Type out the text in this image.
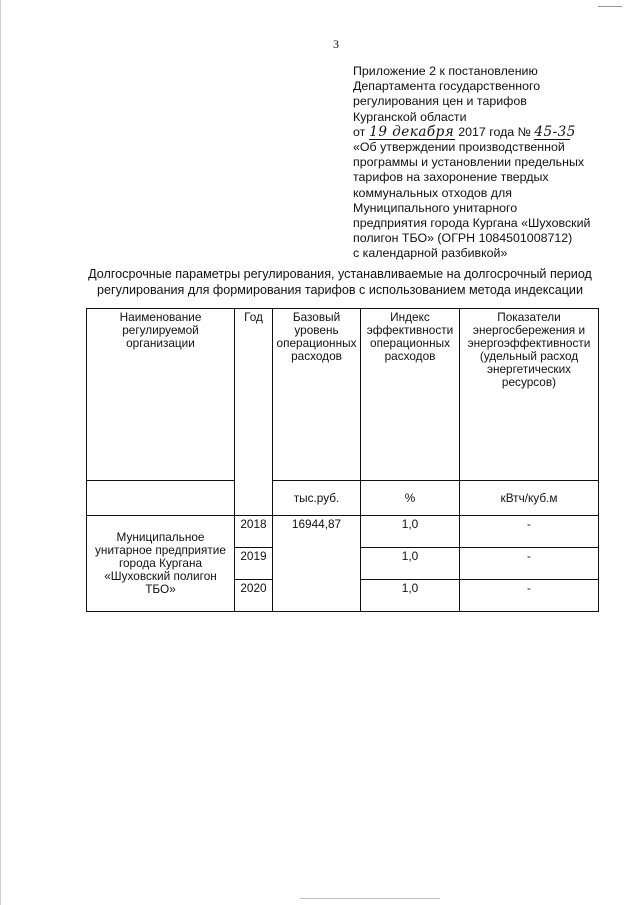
3
Приложение 2 к постановлению
Департамента государственного
регулирования цен и тарифов
Курганской области
от 19 декабря 2017 года № 45-35
«Об утверждении производственной
программы и установлении предельных
тарифов на захоронение твердых
коммунальных отходов для
Муниципального унитарного
предприятия города Кургана «Шуховский
полигон ТБО» (ОГРН 1084501008712)
с календарной разбивкой»
Долгосрочные параметры регулирования, устанавливаемые на долгосрочный период
регулирования для формирования тарифов с использованием метода индексации
Наименование регулируемой организации	Год	Базовый уровень операционных расходов	Индекс эффективности операционных расходов	Показатели энергосбережения и энергоэффективности (удельный расход энергетических ресурсов)
		тыс.руб.	%	кВтч/куб.м
Муниципальное унитарное предприятие города Кургана «Шуховский полигон ТБО»	2018	16944,87	1,0	-
	2019		1,0	-
	2020		1,0	-
